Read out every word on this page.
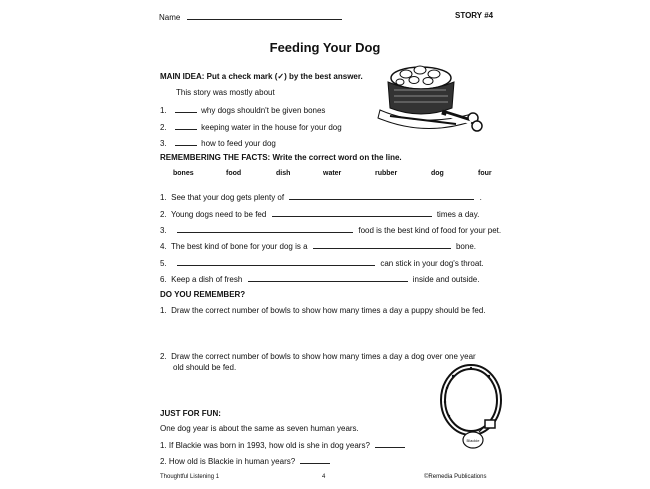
Name	STORY #4
Feeding Your Dog
MAIN IDEA: Put a check mark (✓) by the best answer.
This story was mostly about
1.	why dogs shouldn't be given bones
2.	keeping water in the house for your dog
3.	how to feed your dog
REMEMBERING THE FACTS: Write the correct word on the line.
bones	food	dish	water	rubber	dog	four
1. See that your dog gets plenty of	.
2. Young dogs need to be fed	times a day.
3.	food is the best kind of food for your pet.
4. The best kind of bone for your dog is a	bone.
5.	can stick in your dog's throat.
6. Keep a dish of fresh	inside and outside.
DO YOU REMEMBER?
1. Draw the correct number of bowls to show how many times a day a puppy should be fed.
2. Draw the correct number of bowls to show how many times a day a dog over one year
old should be fed.
Blackie
JUST FOR FUN:
One dog year is about the same as seven human years.
1. If Blackie was born in 1993, how old is she in dog years?
2. How old is Blackie in human years?
Thoughtful Listening 1	4	©Remedia Publications
